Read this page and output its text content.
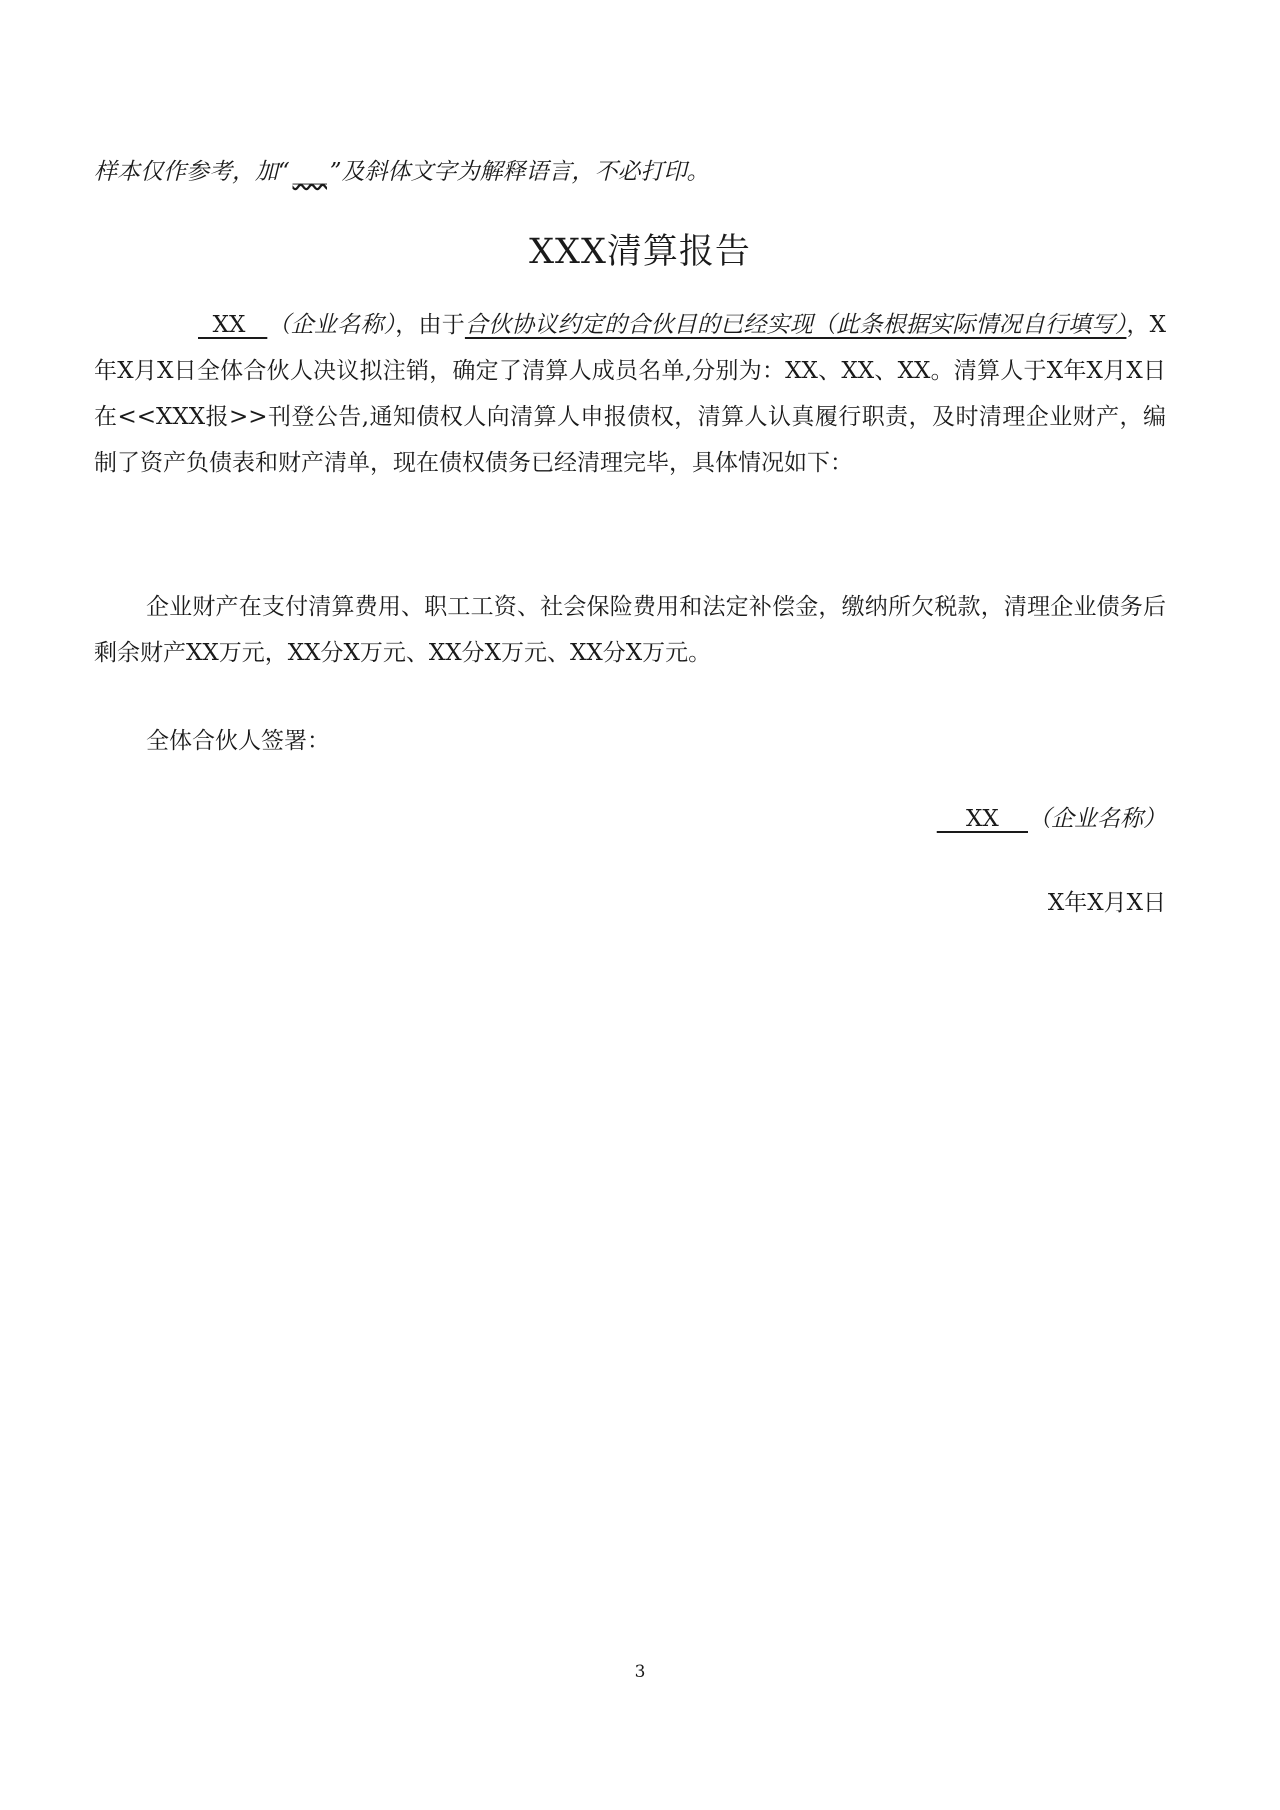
样本仅作参考，加“ ___ ”及斜体文字为解释语言，不必打印。
XXX清算报告
XX   （企业名称），由于合伙协议约定的合伙目的已经实现（此条根据实际情况自行填写），X年X月X日全体合伙人决议拟注销，确定了清算人成员名单,分别为：XX、XX、XX。清算人于X年X月X日在<<XXX报>>刊登公告,通知债权人向清算人申报债权，清算人认真履行职责，及时清理企业财产，编制了资产负债表和财产清单，现在债权债务已经清理完毕，具体情况如下：
企业财产在支付清算费用、职工工资、社会保险费用和法定补偿金，缴纳所欠税款，清理企业债务后剩余财产XX万元，XX分X万元、XX分X万元、XX分X万元。
全体合伙人签署：
XX    （企业名称）
X年X月X日
3
